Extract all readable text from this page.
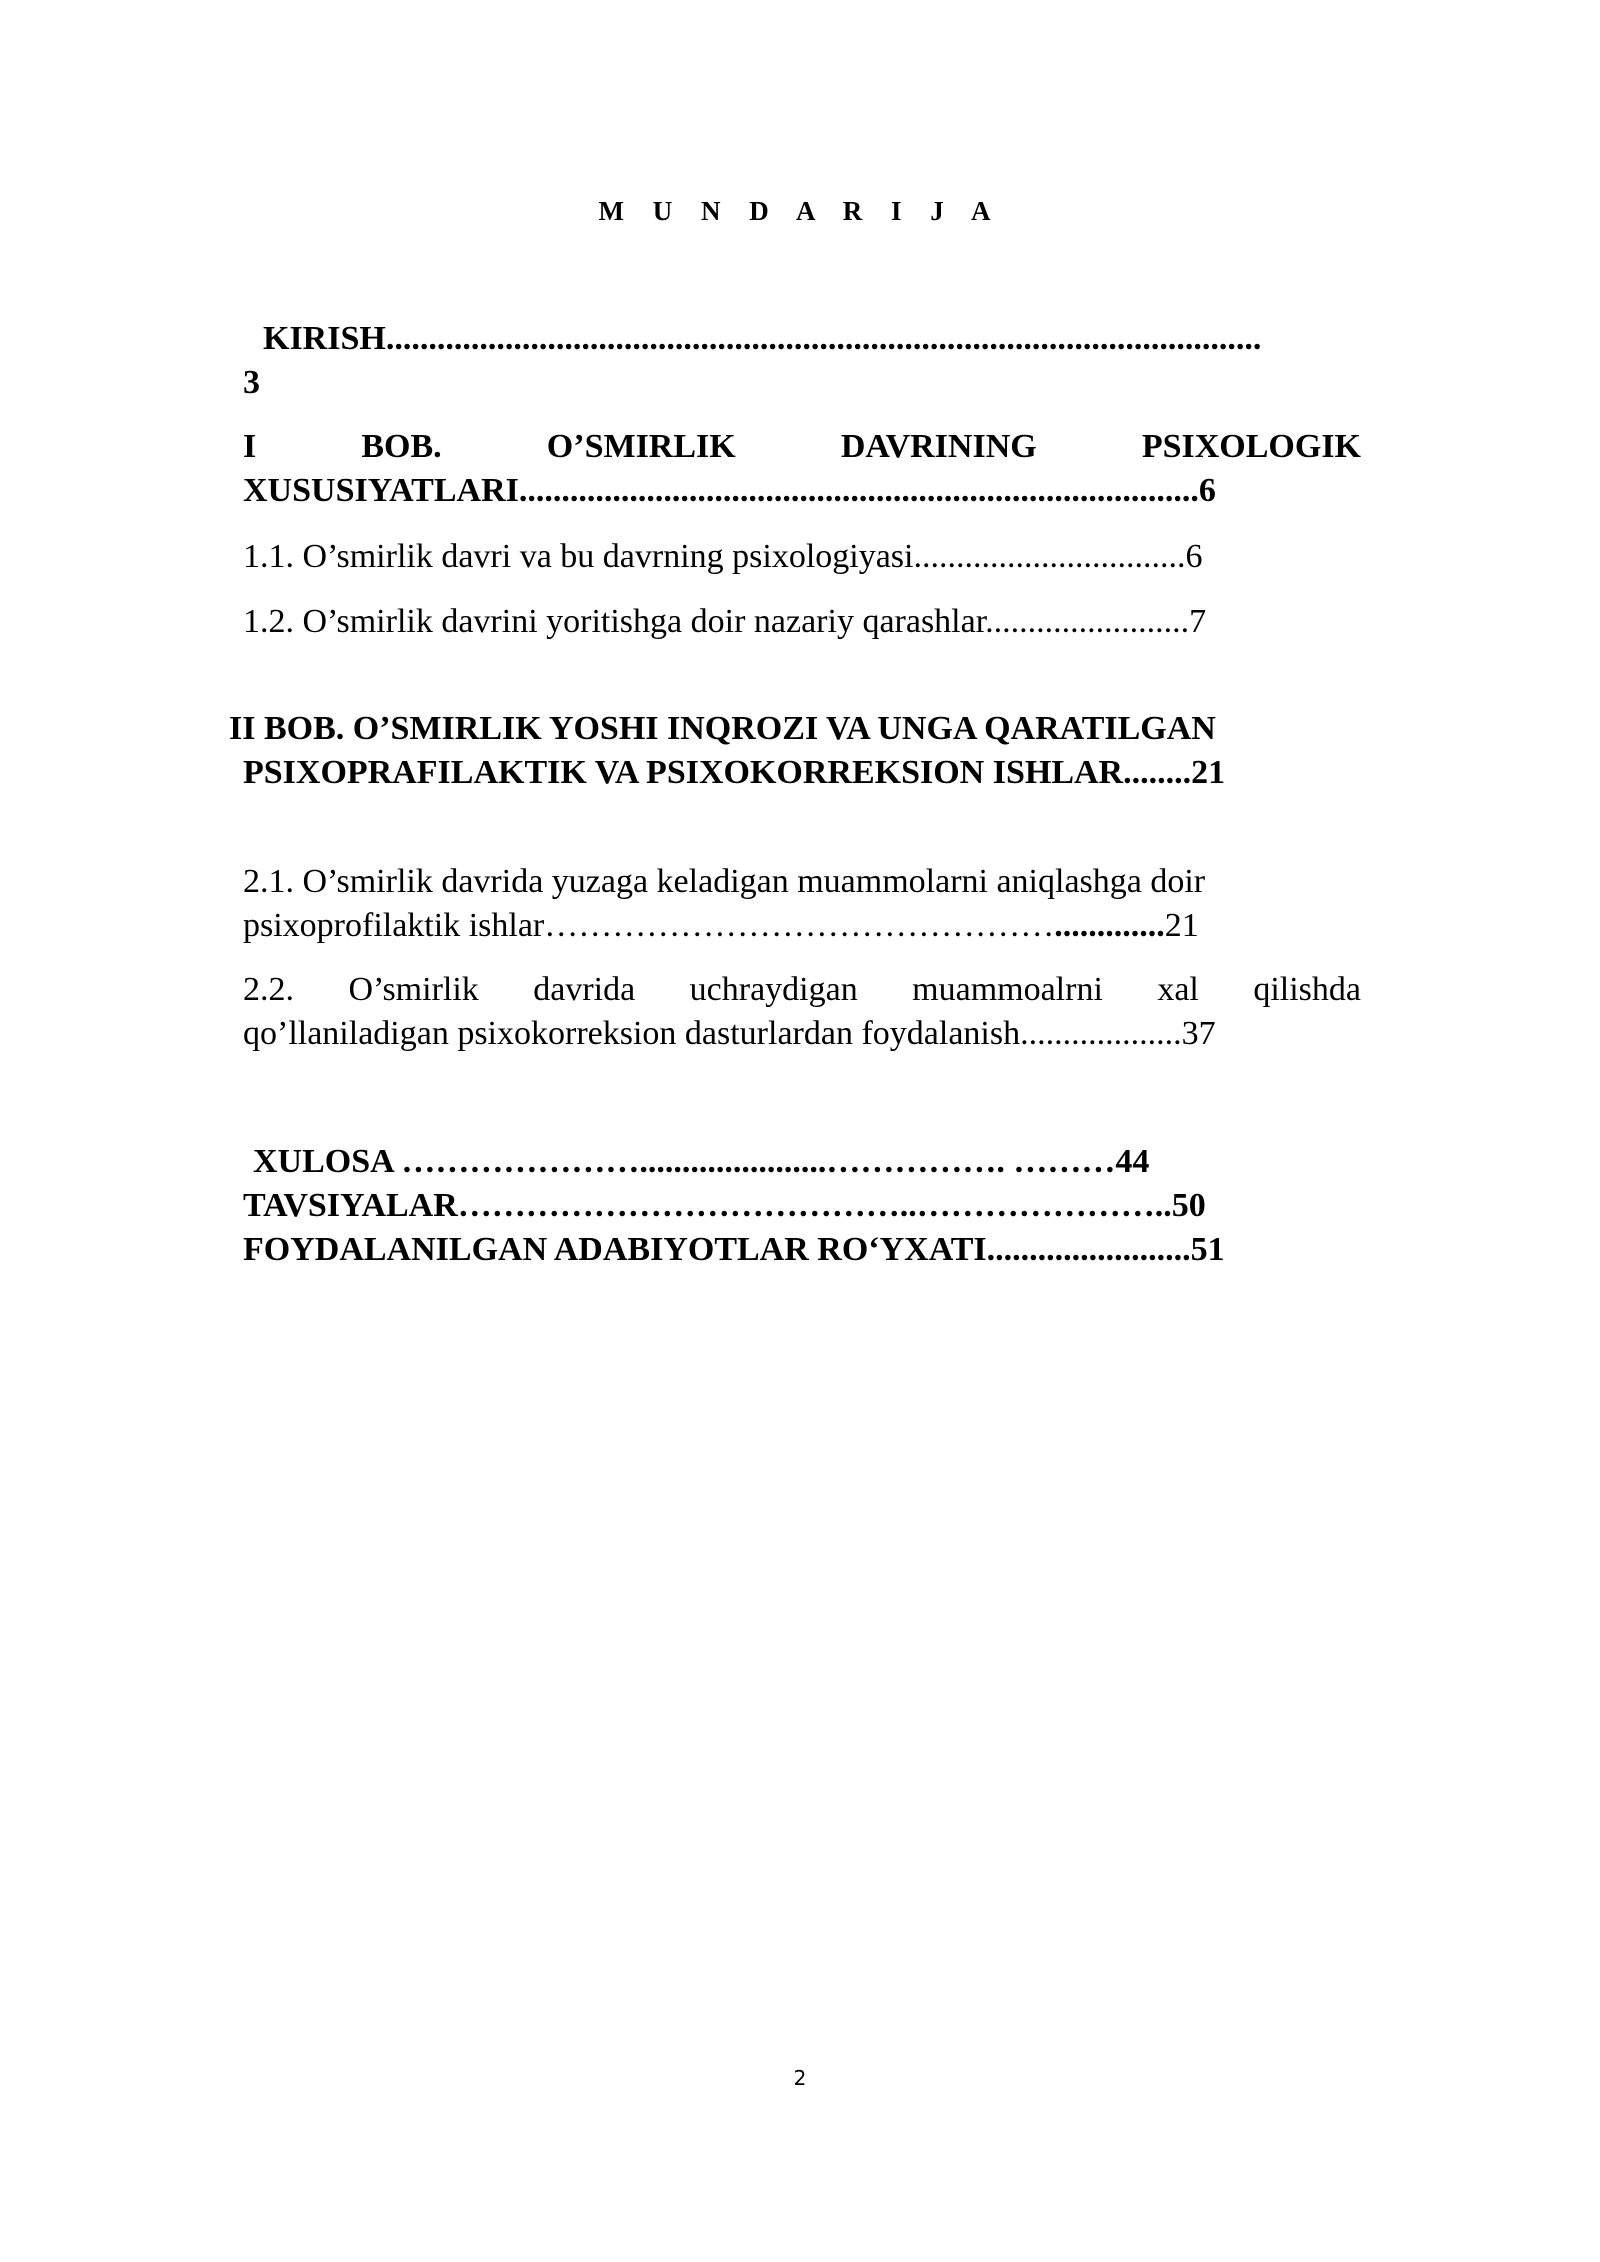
M U N D A R I J A
KIRISH.......................................................................................................
3
I BOB. O’SMIRLIK DAVRINING PSIXOLOGIK
XUSUSIYATLARI................................................................................6
1.1. O’smirlik davri va bu davrning psixologiyasi................................6
1.2. O’smirlik davrini yoritishga doir nazariy qarashlar........................7
II BOB. O’SMIRLIK YOSHI INQROZI VA UNGA QARATILGAN
PSIXOPRAFILAKTIK VA PSIXOKORREKSION ISHLAR........21
2.1. O’smirlik davrida yuzaga keladigan muammolarni aniqlashga doir
psixoprofilaktik ishlar……………………………………….............21
2.2. O’smirlik davrida uchraydigan muammoalrni xal qilishda
qo’llaniladigan psixokorreksion dasturlardan foydalanish...................37
XULOSA …………………......................……………. ………44
TAVSIYALAR…………………………………..…………………..50
FOYDALANILGAN ADABIYOTLAR RO‘YXATI........................51
2
